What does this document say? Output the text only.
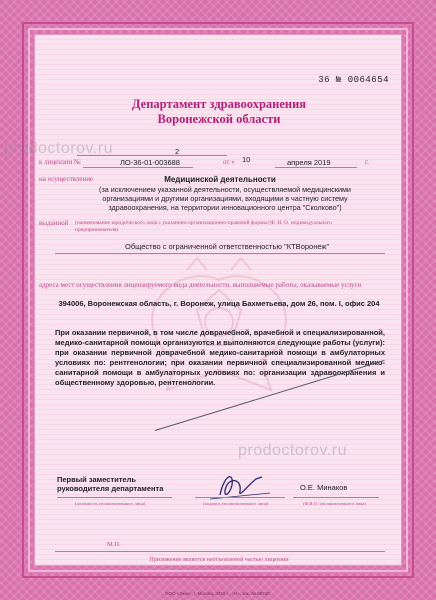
36 № 0064654

Департамент здравоохранения

Воронежской области

2

к лицензии №	ЛО-36-01-003688	от « 10	апреля 2019	г.

на осуществление	Медицинской деятельности

(за исключением указанной деятельности, осуществляемой медицинскими организациями и другими организациями, входящими в частную систему здравоохранения, на территории инновационного центра "Сколково")

выданной (наименование юридического лица с указанием организационно-правовой формы (Ф. И. О. индивидуального предпринимателя)

Общество с ограниченной ответственностью "КТВоронеж"

адреса мест осуществления лицензируемого вида деятельности, выполняемые работы, оказываемые услуги

394006, Воронежская область, г. Воронеж, улица Бахметьева, дом 26, пом. I, офис 204

При оказании первичной, в том числе доврачебной, врачебной и специализированной, медико-санитарной помощи организуются и выполняются следующие работы (услуги): при оказании первичной доврачебной медико-санитарной помощи в амбулаторных условиях по: рентгенологии; при оказании первичной специализированной медико-санитарной помощи в амбулаторных условиях по: организации здравоохранения и общественному здоровью, рентгенологии.

Первый заместитель

руководителя департамента

(должность уполномоченного лица)	(подпись уполномоченного лица)

О.Е. Минаков

(Ф.И.О. уполномоченного лица)

М.П.

Приложение является неотъемлемой частью лицензии

ООО «Знак», г. Москва, 2018 г., «Н», зак. № 88746.

prodoctorov.ru
prodoctorov.ru
